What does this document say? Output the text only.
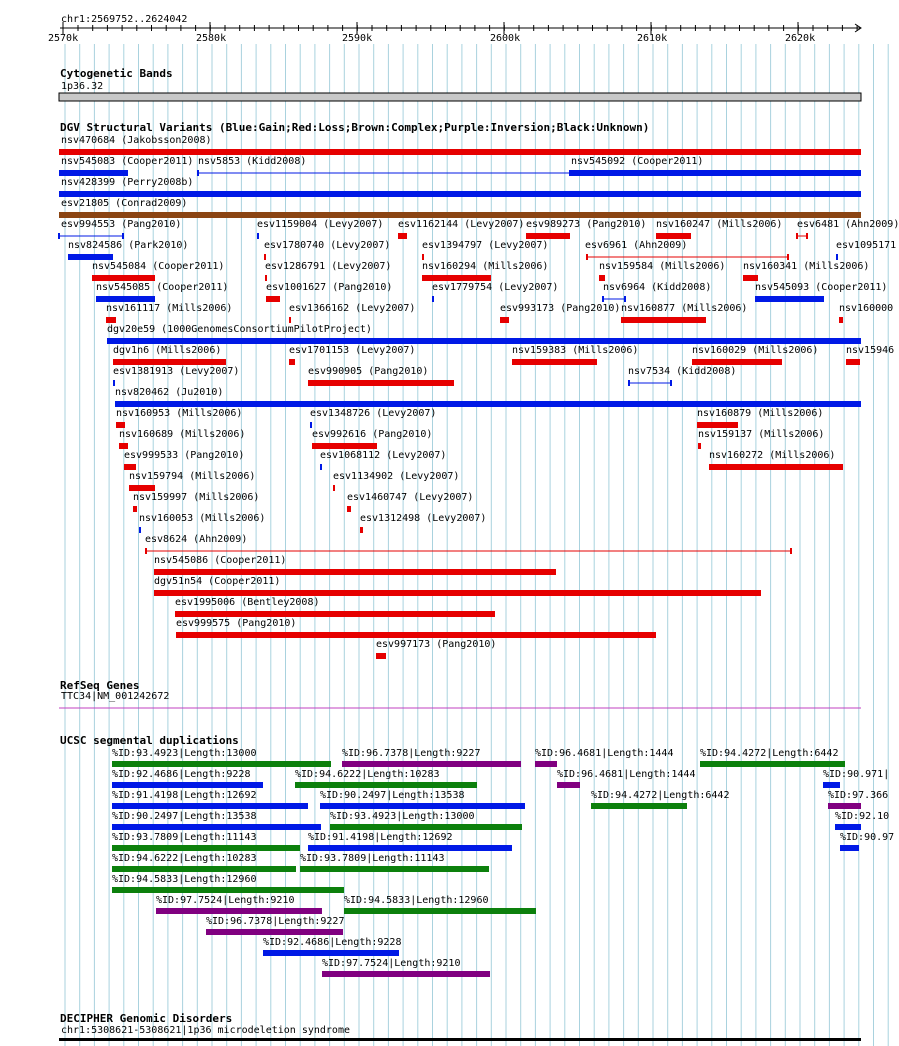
chr1:2569752..2624042
2570k	2580k	2590k	2600k	2610k	2620k
Cytogenetic Bands
1p36.32
DGV Structural Variants (Blue:Gain;Red:Loss;Brown:Complex;Purple:Inversion;Black:Unknown)
RefSeq Genes
TTC34|NM_001242672
UCSC segmental duplications
DECIPHER Genomic Disorders
chr1:5308621-5308621|1p36 microdeletion syndrome
nsv470684 (Jakobsson2008)
nsv545083 (Cooper2011) nsv5853 (Kidd2008)	nsv545092 (Cooper2011)
nsv428399 (Perry2008b)
esv21805 (Conrad2009)
esv994553 (Pang2010)	esv1159004 (Levy2007) esv1162144 (Levy2007) esv989273 (Pang2010) nsv160247 (Mills2006) esv6481 (Ahn2009)
nsv824586 (Park2010)	esv1780740 (Levy2007)	esv1394797 (Levy2007)	esv6961 (Ahn2009)	esv1095171
nsv545084 (Cooper2011)	esv1286791 (Levy2007)	nsv160294 (Mills2006)	nsv159584 (Mills2006) nsv160341 (Mills2006)
nsv545085 (Cooper2011)	esv1001627 (Pang2010)	esv1779754 (Levy2007)	nsv6964 (Kidd2008)	nsv545093 (Cooper2011)
nsv161117 (Mills2006)	esv1366162 (Levy2007)	esv993173 (Pang2010) nsv160877 (Mills2006)	nsv160000
dgv20e59 (1000GenomesConsortiumPilotProject)
dgv1n6 (Mills2006)	esv1701153 (Levy2007)	nsv159383 (Mills2006)	nsv160029 (Mills2006)	nsv15946
esv1381913 (Levy2007)	esv990905 (Pang2010)	nsv7534 (Kidd2008)
nsv820462 (Ju2010)
nsv160953 (Mills2006)	esv1348726 (Levy2007)	nsv160879 (Mills2006)
nsv160689 (Mills2006)	esv992616 (Pang2010)	nsv159137 (Mills2006)
esv999533 (Pang2010)	esv1068112 (Levy2007)	nsv160272 (Mills2006)
nsv159794 (Mills2006)	esv1134902 (Levy2007)
nsv159997 (Mills2006)	esv1460747 (Levy2007)
nsv160053 (Mills2006)	esv1312498 (Levy2007)
esv8624 (Ahn2009)
nsv545086 (Cooper2011)
dgv51n54 (Cooper2011)
esv1995006 (Bentley2008)
esv999575 (Pang2010)
esv997173 (Pang2010)
%ID:93.4923|Length:13000	%ID:96.7378|Length:9227	%ID:96.4681|Length:1444	%ID:94.4272|Length:6442
%ID:92.4686|Length:9228	%ID:94.6222|Length:10283	%ID:96.4681|Length:1444	%ID:90.971|
%ID:91.4198|Length:12692	%ID:90.2497|Length:13538	%ID:94.4272|Length:6442	%ID:97.366
%ID:90.2497|Length:13538	%ID:93.4923|Length:13000	%ID:92.10
%ID:93.7809|Length:11143	%ID:91.4198|Length:12692	%ID:90.97
%ID:94.6222|Length:10283	%ID:93.7809|Length:11143
%ID:94.5833|Length:12960
%ID:97.7524|Length:9210	%ID:94.5833|Length:12960
%ID:96.7378|Length:9227
%ID:92.4686|Length:9228
%ID:97.7524|Length:9210
